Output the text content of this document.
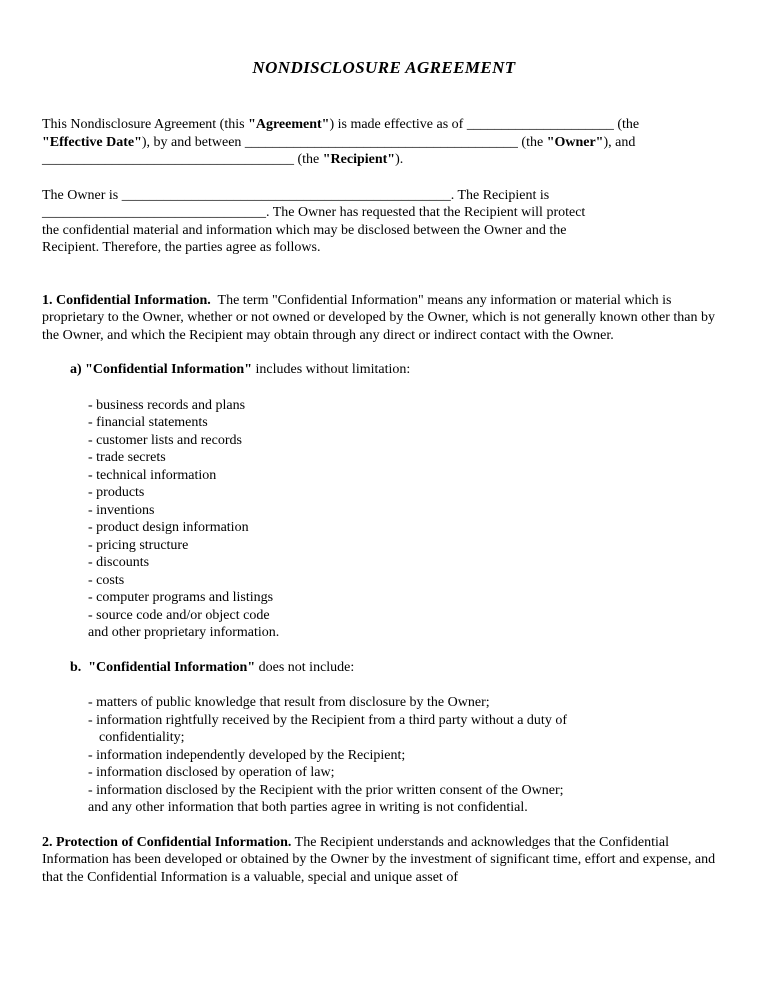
NONDISCLOSURE AGREEMENT
This Nondisclosure Agreement (this "Agreement") is made effective as of _____________________ (the
"Effective Date"), by and between _______________________________________ (the "Owner"), and
____________________________________ (the "Recipient").
The Owner is _______________________________________________. The Recipient is
________________________________. The Owner has requested that the Recipient will protect
the confidential material and information which may be disclosed between the Owner and the
Recipient. Therefore, the parties agree as follows.

1. Confidential Information.  The term "Confidential Information" means any information or material which is proprietary to the Owner, whether or not owned or developed by the Owner, which is not generally known other than by the Owner, and which the Recipient may obtain through any direct or indirect contact with the Owner.

a) "Confidential Information" includes without limitation:

- business records and plans
- financial statements
- customer lists and records
- trade secrets
- technical information
- products
- inventions
- product design information
- pricing structure
- discounts
- costs
- computer programs and listings
- source code and/or object code
and other proprietary information.

b.  "Confidential Information" does not include:

- matters of public knowledge that result from disclosure by the Owner;
- information rightfully received by the Recipient from a third party without a duty of
confidentiality;
- information independently developed by the Recipient;
- information disclosed by operation of law;
- information disclosed by the Recipient with the prior written consent of the Owner;
and any other information that both parties agree in writing is not confidential.

2. Protection of Confidential Information. The Recipient understands and acknowledges that the Confidential Information has been developed or obtained by the Owner by the investment of significant time, effort and expense, and that the Confidential Information is a valuable, special and unique asset of
